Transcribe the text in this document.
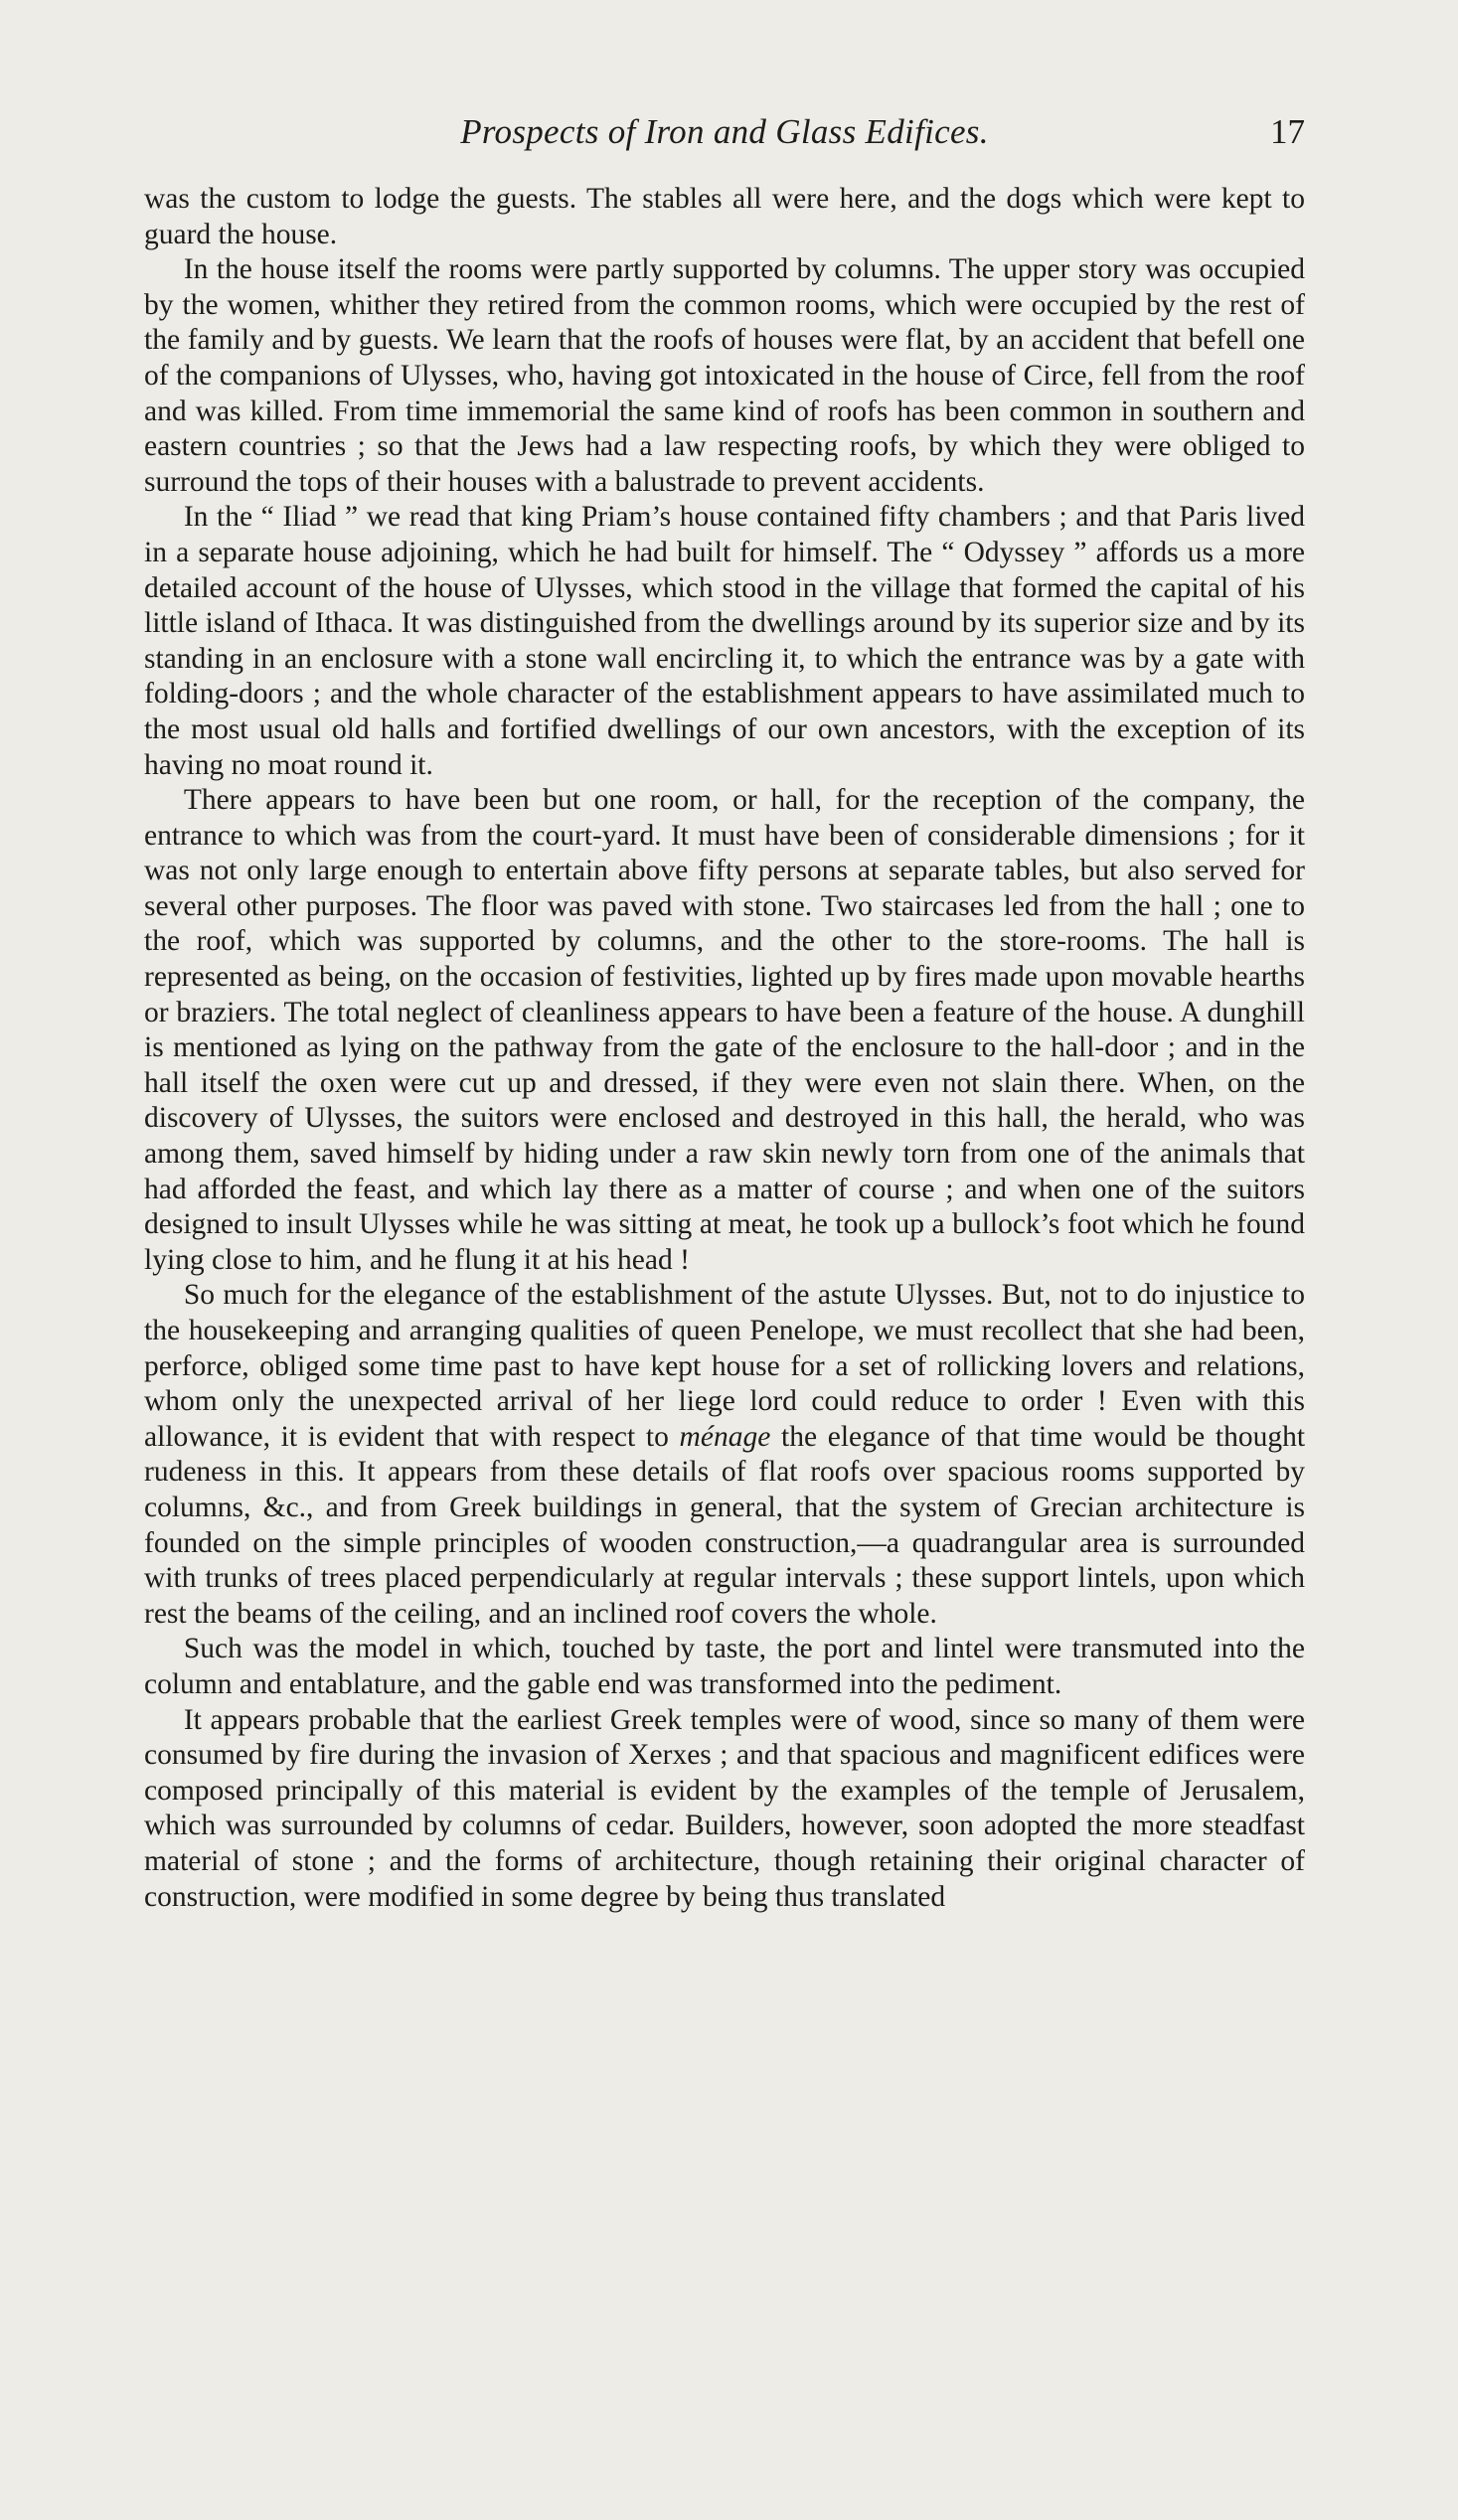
Prospects of Iron and Glass Edifices.	17

was the custom to lodge the guests. The stables all were here, and the dogs which were kept to guard the house.

In the house itself the rooms were partly supported by columns. The upper story was occupied by the women, whither they retired from the common rooms, which were occupied by the rest of the family and by guests. We learn that the roofs of houses were flat, by an accident that befell one of the companions of Ulysses, who, having got intoxicated in the house of Circe, fell from the roof and was killed. From time immemorial the same kind of roofs has been common in southern and eastern countries ; so that the Jews had a law respecting roofs, by which they were obliged to surround the tops of their houses with a balustrade to prevent accidents.

In the “ Iliad ” we read that king Priam’s house contained fifty chambers ; and that Paris lived in a separate house adjoining, which he had built for himself. The “ Odyssey ” affords us a more detailed account of the house of Ulysses, which stood in the village that formed the capital of his little island of Ithaca. It was distinguished from the dwellings around by its superior size and by its standing in an enclosure with a stone wall encircling it, to which the entrance was by a gate with folding-doors ; and the whole character of the establishment appears to have assimilated much to the most usual old halls and fortified dwellings of our own ancestors, with the exception of its having no moat round it.

There appears to have been but one room, or hall, for the reception of the company, the entrance to which was from the court-yard. It must have been of considerable dimensions ; for it was not only large enough to entertain above fifty persons at separate tables, but also served for several other purposes. The floor was paved with stone. Two staircases led from the hall ; one to the roof, which was supported by columns, and the other to the store-rooms. The hall is represented as being, on the occasion of festivities, lighted up by fires made upon movable hearths or braziers. The total neglect of cleanliness appears to have been a feature of the house. A dunghill is mentioned as lying on the pathway from the gate of the enclosure to the hall-door ; and in the hall itself the oxen were cut up and dressed, if they were even not slain there. When, on the discovery of Ulysses, the suitors were enclosed and destroyed in this hall, the herald, who was among them, saved himself by hiding under a raw skin newly torn from one of the animals that had afforded the feast, and which lay there as a matter of course ; and when one of the suitors designed to insult Ulysses while he was sitting at meat, he took up a bullock’s foot which he found lying close to him, and he flung it at his head !

So much for the elegance of the establishment of the astute Ulysses. But, not to do injustice to the housekeeping and arranging qualities of queen Penelope, we must recollect that she had been, perforce, obliged some time past to have kept house for a set of rollicking lovers and relations, whom only the unexpected arrival of her liege lord could reduce to order ! Even with this allowance, it is evident that with respect to ménage the elegance of that time would be thought rudeness in this. It appears from these details of flat roofs over spacious rooms supported by columns, &c., and from Greek buildings in general, that the system of Grecian architecture is founded on the simple principles of wooden construction,—a quadrangular area is surrounded with trunks of trees placed perpendicularly at regular intervals ; these support lintels, upon which rest the beams of the ceiling, and an inclined roof covers the whole.

Such was the model in which, touched by taste, the port and lintel were transmuted into the column and entablature, and the gable end was transformed into the pediment.

It appears probable that the earliest Greek temples were of wood, since so many of them were consumed by fire during the invasion of Xerxes ; and that spacious and magnificent edifices were composed principally of this material is evident by the examples of the temple of Jerusalem, which was surrounded by columns of cedar. Builders, however, soon adopted the more steadfast material of stone ; and the forms of architecture, though retaining their original character of construction, were modified in some degree by being thus translated
